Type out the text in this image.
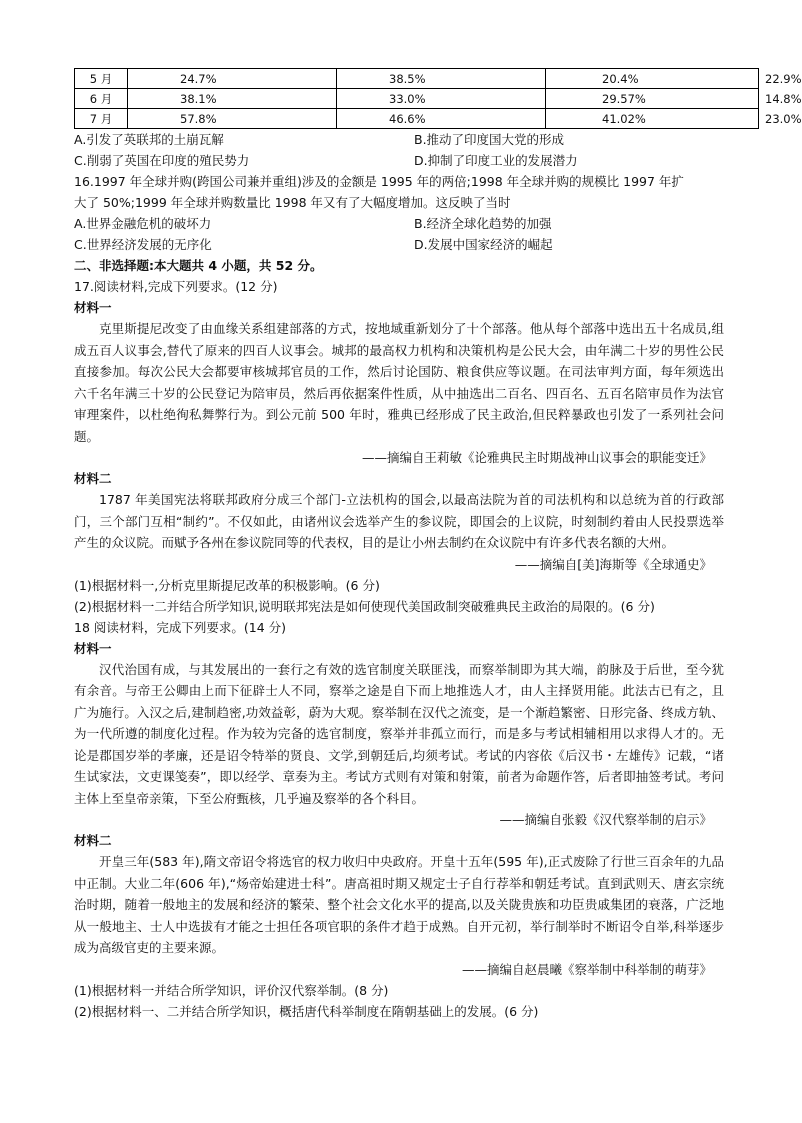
5 月	24.7%	38.5%	20.4%	22.9%
6 月	38.1%	33.0%	29.57%	14.8%
7 月	57.8%	46.6%	41.02%	23.0%
A.引发了英联邦的土崩瓦解	B.推动了印度国大党的形成
C.削弱了英国在印度的殖民势力	D.抑制了印度工业的发展潜力
16.1997 年全球并购(跨国公司兼并重组)涉及的金额是 1995 年的两倍;1998 年全球并购的规模比 1997 年扩
大了 50%;1999 年全球并购数量比 1998 年又有了大幅度增加。这反映了当时
A.世界金融危机的破坏力	B.经济全球化趋势的加强
C.世界经济发展的无序化	D.发展中国家经济的崛起
二、非选择题:本大题共 4 小题，共 52 分。
17.阅读材料,完成下列要求。(12 分)
材料一
克里斯提尼改变了由血缘关系组建部落的方式，按地域重新划分了十个部落。他从每个部落中选出五十名成员,组成五百人议事会,替代了原来的四百人议事会。城邦的最高权力机构和决策机构是公民大会，由年满二十岁的男性公民直接参加。每次公民大会都要审核城邦官员的工作，然后讨论国防、粮食供应等议题。在司法审判方面，每年须选出六千名年满三十岁的公民登记为陪审员，然后再依据案件性质，从中抽选出二百名、四百名、五百名陪审员作为法官审理案件，以杜绝徇私舞弊行为。到公元前 500 年时，雅典已经形成了民主政治,但民粹暴政也引发了一系列社会问题。
——摘编自王莉敏《论雅典民主时期战神山议事会的职能变迁》
材料二
1787 年美国宪法将联邦政府分成三个部门-立法机构的国会,以最高法院为首的司法机构和以总统为首的行政部门，三个部门互相“制约”。不仅如此，由诸州议会选举产生的参议院，即国会的上议院，时刻制约着由人民投票选举产生的众议院。而赋予各州在参议院同等的代表权，目的是让小州去制约在众议院中有许多代表名额的大州。
——摘编自[美]海斯等《全球通史》
(1)根据材料一,分析克里斯提尼改革的积极影响。(6 分)
(2)根据材料一二并结合所学知识,说明联邦宪法是如何使现代美国政制突破雅典民主政治的局限的。(6 分)
18 阅读材料，完成下列要求。(14 分)
材料一
汉代治国有成，与其发展出的一套行之有效的选官制度关联匪浅，而察举制即为其大端，韵脉及于后世，至今犹有余音。与帝王公卿由上而下征辟士人不同，察举之途是自下而上地推选人才，由人主择贤用能。此法古已有之，且广为施行。入汉之后,建制趋密,功效益彰，蔚为大观。察举制在汉代之流变，是一个渐趋繁密、日形完备、终成方轨、为一代所遵的制度化过程。作为较为完备的选官制度，察举并非孤立而行，而是多与考试相辅相用以求得人才的。无论是郡国岁举的孝廉，还是诏令特举的贤良、文学,到朝廷后,均须考试。考试的内容依《后汉书・左雄传》记载，“诸生试家法，文吏课笺奏”，即以经学、章奏为主。考试方式则有对策和射策，前者为命题作答，后者即抽签考试。考问主体上至皇帝亲策，下至公府甄核，几乎遍及察举的各个科目。
——摘编自张毅《汉代察举制的启示》
材料二
开皇三年(583 年),隋文帝诏令将选官的权力收归中央政府。开皇十五年(595 年),正式废除了行世三百余年的九品中正制。大业二年(606 年),“炀帝始建进士科”。唐高祖时期又规定士子自行荐举和朝廷考试。直到武则天、唐玄宗统治时期，随着一般地主的发展和经济的繁荣、整个社会文化水平的提高,以及关陇贵族和功臣贵戚集团的衰落，广泛地从一般地主、士人中选拔有才能之士担任各项官职的条件才趋于成熟。自开元初，举行制举时不断诏令自举,科举逐步成为高级官吏的主要来源。
——摘编自赵晨曦《察举制中科举制的萌芽》
(1)根据材料一并结合所学知识，评价汉代察举制。(8 分)
(2)根据材料一、二并结合所学知识，概括唐代科举制度在隋朝基础上的发展。(6 分)
